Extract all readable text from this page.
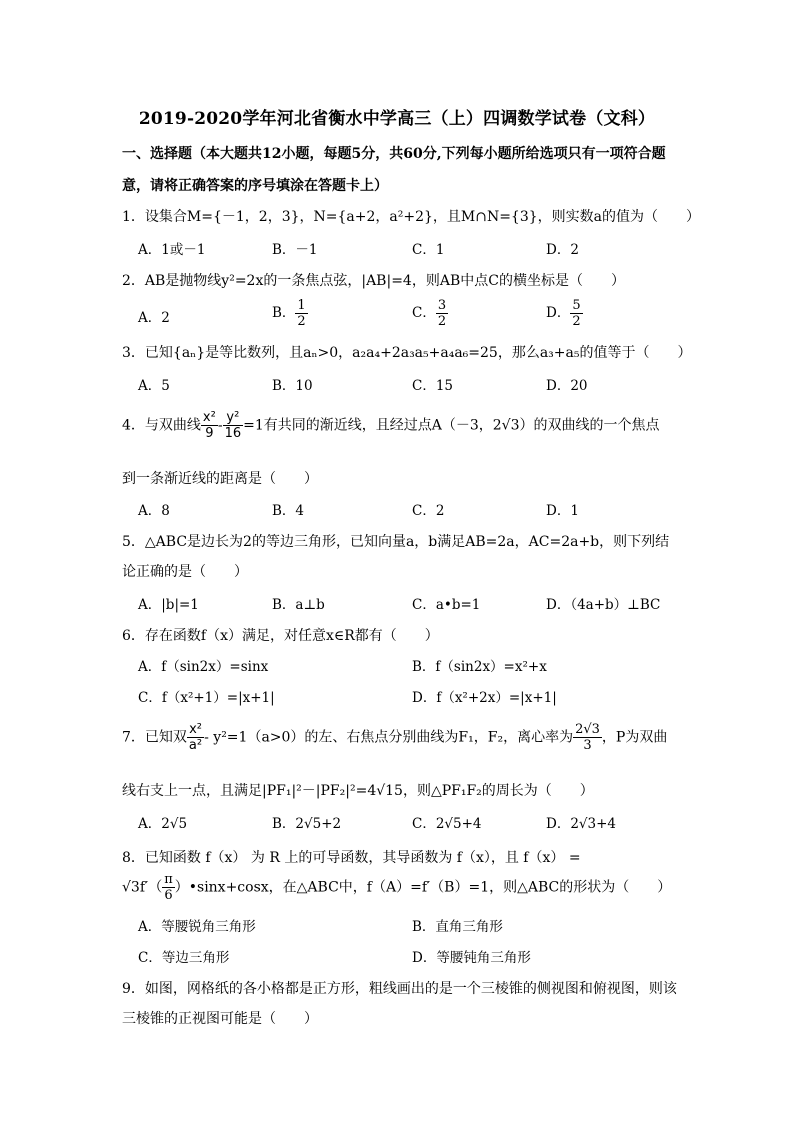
2019-2020学年河北省衡水中学高三（上）四调数学试卷（文科）
一、选择题（本大题共12小题，每题5分，共60分,下列每小题所给选项只有一项符合题
意，请将正确答案的序号填涂在答题卡上）
1．设集合M={－1，2，3}，N={a+2，a²+2}，且M∩N={3}，则实数a的值为（　　）
A．1或－1	B．－1	C．1	D．2
2．AB是抛物线y²=2x的一条焦点弦，|AB|=4，则AB中点C的横坐标是（　　）
A．2	B． $\frac{1}{2}$	C． $\frac{3}{2}$	D． $\frac{5}{2}$
3．已知{aₙ}是等比数列，且aₙ>0，a₂a₄+2a₃a₅+a₄a₆=25，那么a₃+a₅的值等于（　　）
A．5	B．10	C．15	D．20
4．与双曲线 $\frac{\text{x²}}{9} - \frac{\text{y²}}{16} =1$有共同的渐近线，且经过点A（－3，2√3）的双曲线的一个焦点
到一条渐近线的距离是（　　）
A．8	B．4	C．2	D．1
5．△ABC是边长为2的等边三角形，已知向量a，b满足AB=2a，AC=2a+b，则下列结
论正确的是（　　）
A．|b|=1	B．a⊥b	C．a•b=1	D．（4a+b）⊥BC
6．存在函数f（x）满足，对任意x∈R都有（　　）
A．f（sin2x）=sinx	B．f（sin2x）=x²+x
C．f（x²+1）=|x+1|	D．f（x²+2x）=|x+1|
7．已知双 $\frac{\text{x²}}{\text{a²}} - y^2=1(a>0)$的左、右焦点分别曲线为F₁，F₂，离心率为 $\frac{2√3}{3}$ ，P为双曲
线右支上一点，且满足|PF₁|²－|PF₂|²=4√15，则△PF₁F₂的周长为（　　）
A．2√5	B．2√5+2	C．2√5+4	D．2√3+4
8．已知函数 f（x） 为 R 上的可导函数，其导函数为 f（x），且 f（x） =
$√3f'( \frac{\pi}{6}$ ）•sinx+cosx，在△ABC中，f（A）=f′（B）=1，则△ABC的形状为（　　）
A．等腰锐角三角形	B．直角三角形
C．等边三角形	D．等腰钝角三角形
9．如图，网格纸的各小格都是正方形，粗线画出的是一个三棱锥的侧视图和俯视图，则该
三棱锥的正视图可能是（　　）
